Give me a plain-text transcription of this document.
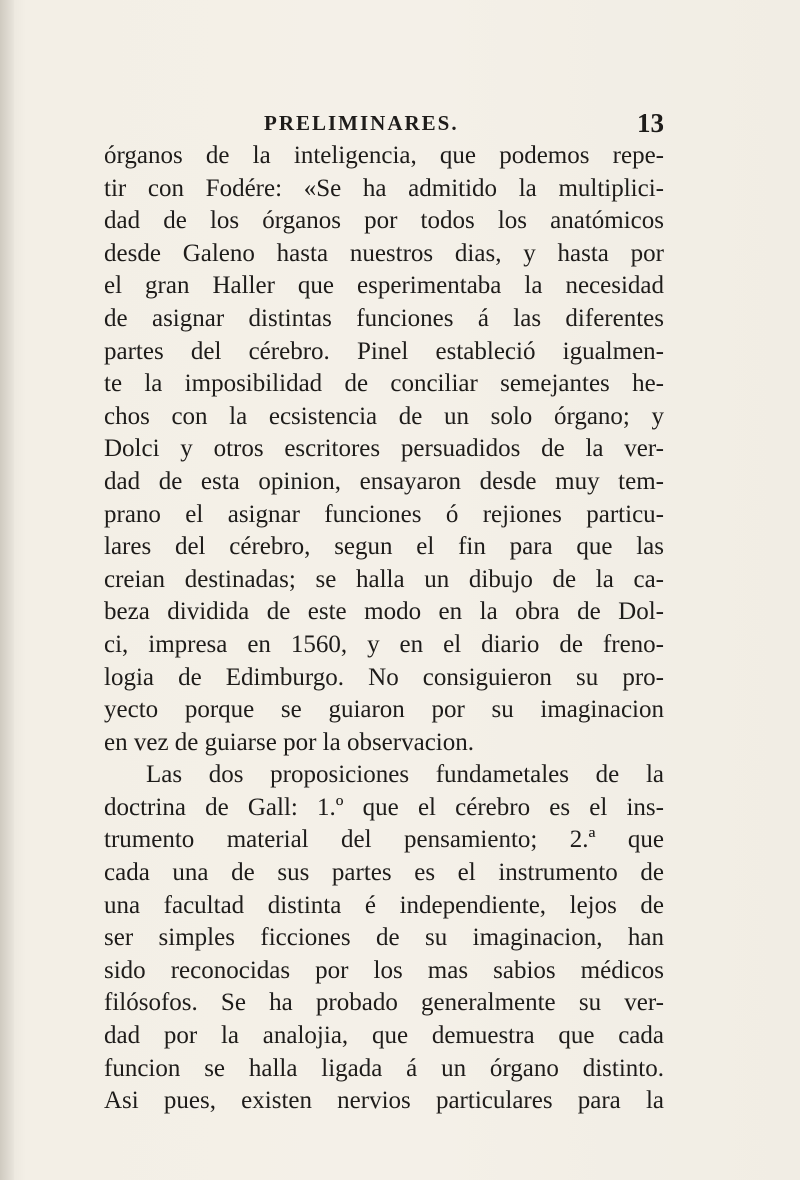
PRELIMINARES.	13
órganos de la inteligencia, que podemos repe-
tir con Fodére: «Se ha admitido la multiplici-
dad de los órganos por todos los anatómicos
desde Galeno hasta nuestros dias, y hasta por
el gran Haller que esperimentaba la necesidad
de asignar distintas funciones á las diferentes
partes del cérebro. Pinel estableció igualmen-
te la imposibilidad de conciliar semejantes he-
chos con la ecsistencia de un solo órgano; y
Dolci y otros escritores persuadidos de la ver-
dad de esta opinion, ensayaron desde muy tem-
prano el asignar funciones ó rejiones particu-
lares del cérebro, segun el fin para que las
creian destinadas; se halla un dibujo de la ca-
beza dividida de este modo en la obra de Dol-
ci, impresa en 1560, y en el diario de freno-
logia de Edimburgo. No consiguieron su pro-
yecto porque se guiaron por su imaginacion
en vez de guiarse por la observacion.
Las dos proposiciones fundametales de la
doctrina de Gall: 1.º que el cérebro es el ins-
trumento material del pensamiento; 2.ª que
cada una de sus partes es el instrumento de
una facultad distinta é independiente, lejos de
ser simples ficciones de su imaginacion, han
sido reconocidas por los mas sabios médicos
filósofos. Se ha probado generalmente su ver-
dad por la analojia, que demuestra que cada
funcion se halla ligada á un órgano distinto.
Asi pues, existen nervios particulares para la
